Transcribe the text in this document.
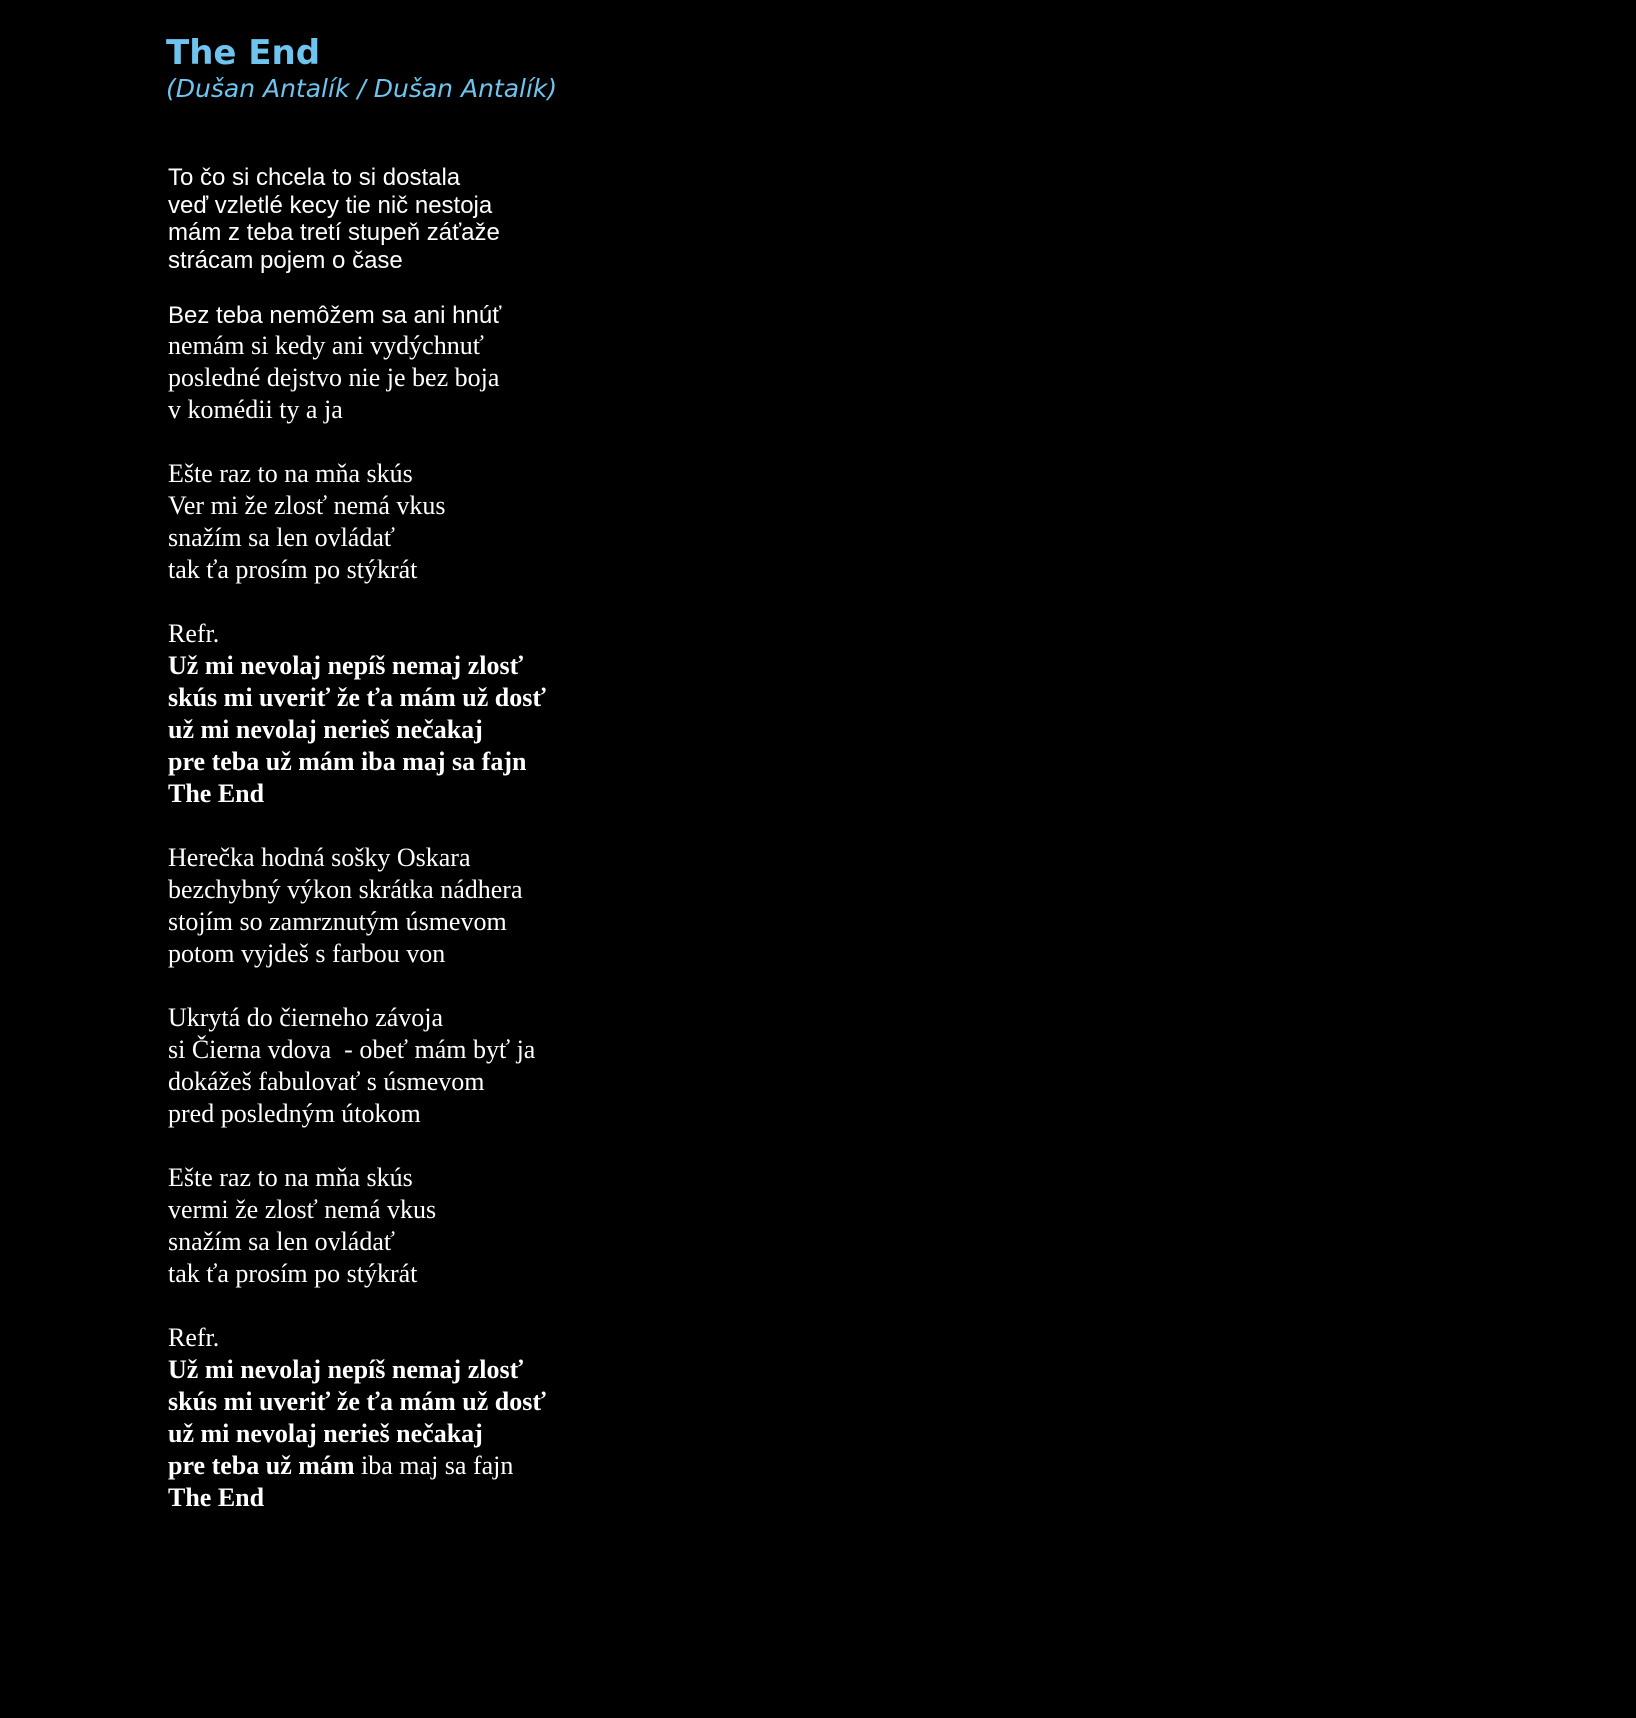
The End
(Dušan Antalík / Dušan Antalík)
To čo si chcela to si dostala
veď vzletlé kecy tie nič nestoja
mám z teba tretí stupeň záťaže
strácam pojem o čase
Bez teba nemôžem sa ani hnúť
nemám si kedy ani vydýchnuť
posledné dejstvo nie je bez boja
v komédii ty a ja
Ešte raz to na mňa skús
Ver mi že zlosť nemá vkus
snažím sa len ovládať
tak ťa prosím po stýkrát
Refr.
Už mi nevolaj nepíš nemaj zlosť
skús mi uveriť že ťa mám už dosť
už mi nevolaj nerieš nečakaj
pre teba už mám iba maj sa fajn
The End
Herečka hodná sošky Oskara
bezchybný výkon skrátka nádhera
stojím so zamrznutým úsmevom
potom vyjdeš s farbou von
Ukrytá do čierneho závoja
si Čierna vdova  - obeť mám byť ja
dokážeš fabulovať s úsmevom
pred posledným útokom
Ešte raz to na mňa skús
vermi že zlosť nemá vkus
snažím sa len ovládať
tak ťa prosím po stýkrát
Refr.
Už mi nevolaj nepíš nemaj zlosť
skús mi uveriť že ťa mám už dosť
už mi nevolaj nerieš nečakaj
pre teba už mám iba maj sa fajn
The End
